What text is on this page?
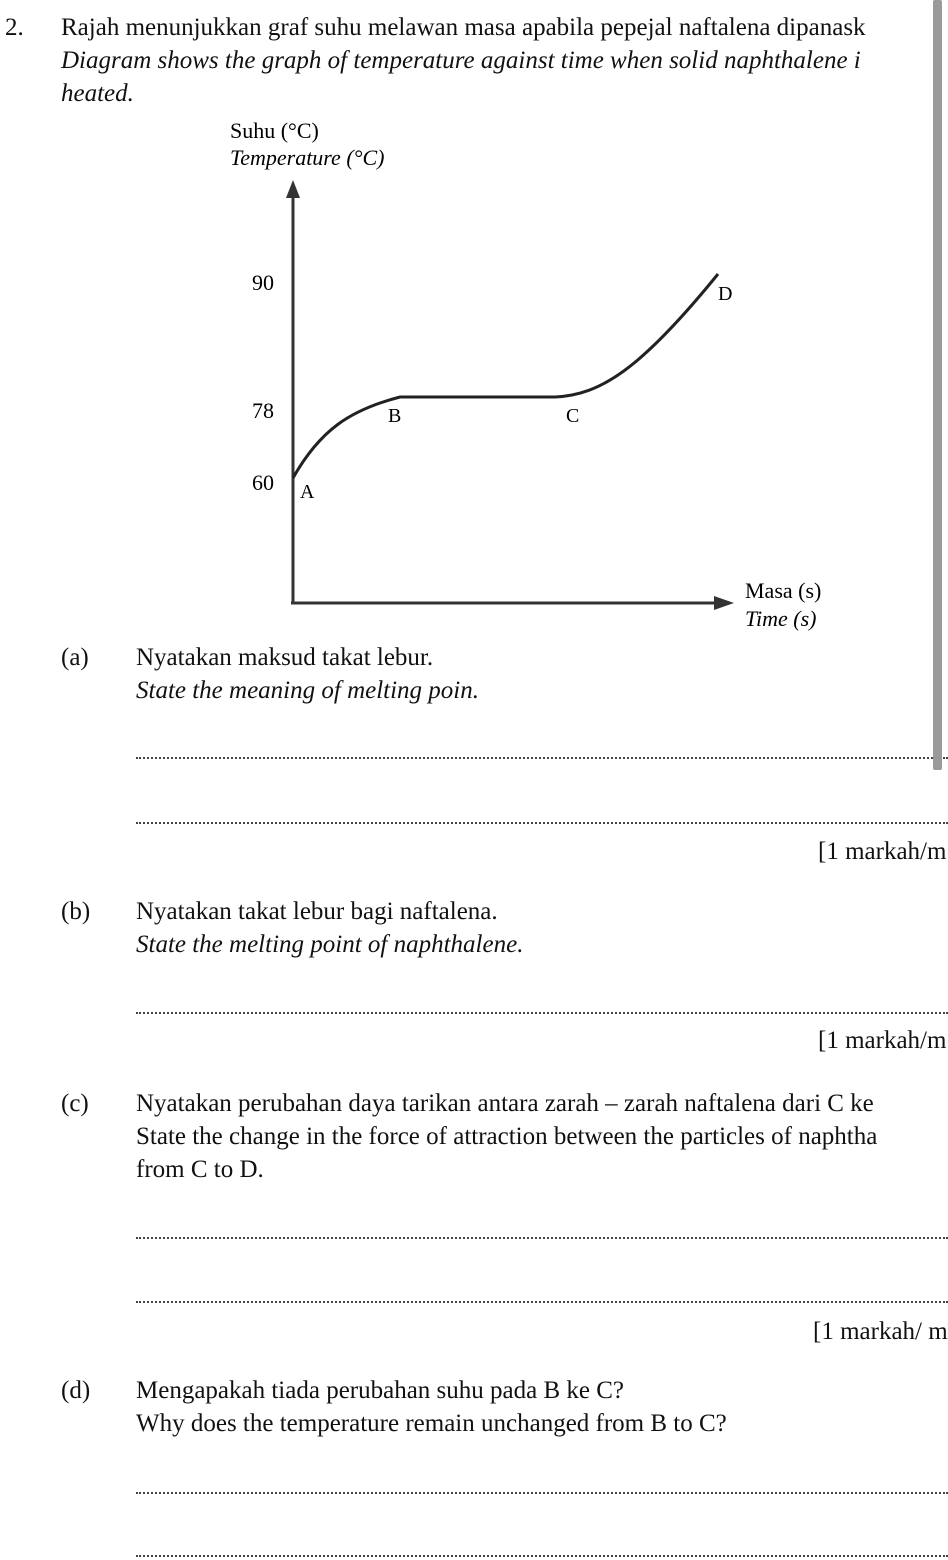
2. Rajah menunjukkan graf suhu melawan masa apabila pepejal naftalena dipanask
Diagram shows the graph of temperature against time when solid naphthalene i
heated.
Suhu (°C)
Temperature (°C)
90
78
60 A
B	C
D
Masa (s)
Time (s)
(a) Nyatakan maksud takat lebur.
State the meaning of melting poin.
[1 markah/m
(b) Nyatakan takat lebur bagi naftalena.
State the melting point of naphthalene.
[1 markah/m
(c) Nyatakan perubahan daya tarikan antara zarah – zarah naftalena dari C ke
State the change in the force of attraction between the particles of naphtha
from C to D.
[1 markah/ m
(d) Mengapakah tiada perubahan suhu pada B ke C?
Why does the temperature remain unchanged from B to C?
